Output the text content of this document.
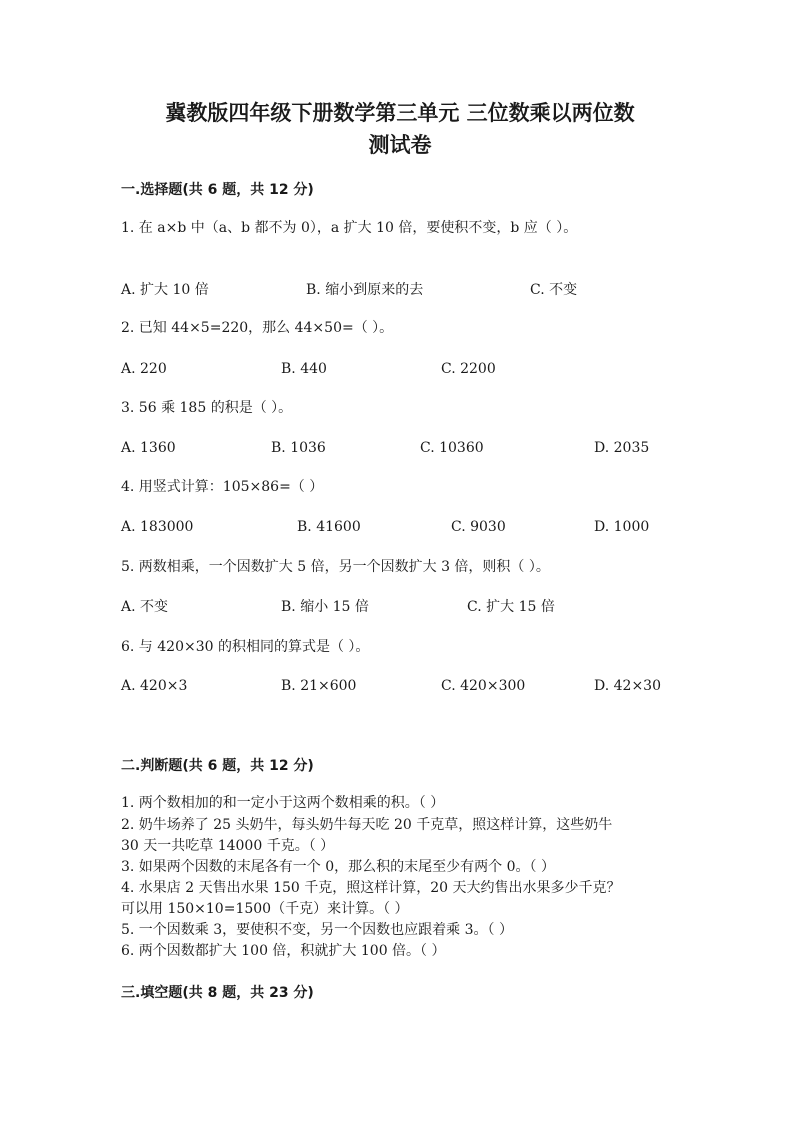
冀教版四年级下册数学第三单元 三位数乘以两位数
测试卷
一.选择题(共 6 题，共 12 分)
1. 在 a×b 中（a、b 都不为 0），a 扩大 10 倍，要使积不变，b 应（ ）。
A. 扩大 10 倍	B. 缩小到原来的去	C. 不变
2. 已知 44×5=220，那么 44×50=（ ）。
A. 220	B. 440	C. 2200
3. 56 乘 185 的积是（ ）。
A. 1360	B. 1036	C. 10360	D. 2035
4. 用竖式计算：105×86=（ ）
A. 183000	B. 41600	C. 9030	D. 1000
5. 两数相乘，一个因数扩大 5 倍，另一个因数扩大 3 倍，则积（ ）。
A. 不变	B. 缩小 15 倍	C. 扩大 15 倍
6. 与 420×30 的积相同的算式是（ ）。
A. 420×3	B. 21×600	C. 420×300	D. 42×30
二.判断题(共 6 题，共 12 分)
1. 两个数相加的和一定小于这两个数相乘的积。（ ）
2. 奶牛场养了 25 头奶牛，每头奶牛每天吃 20 千克草，照这样计算，这些奶牛
30 天一共吃草 14000 千克。（ ）
3. 如果两个因数的末尾各有一个 0，那么积的末尾至少有两个 0。（ ）
4. 水果店 2 天售出水果 150 千克，照这样计算，20 天大约售出水果多少千克？
可以用 150×10=1500（千克）来计算。（ ）
5. 一个因数乘 3，要使积不变，另一个因数也应跟着乘 3。（ ）
6. 两个因数都扩大 100 倍，积就扩大 100 倍。（ ）
三.填空题(共 8 题，共 23 分)
